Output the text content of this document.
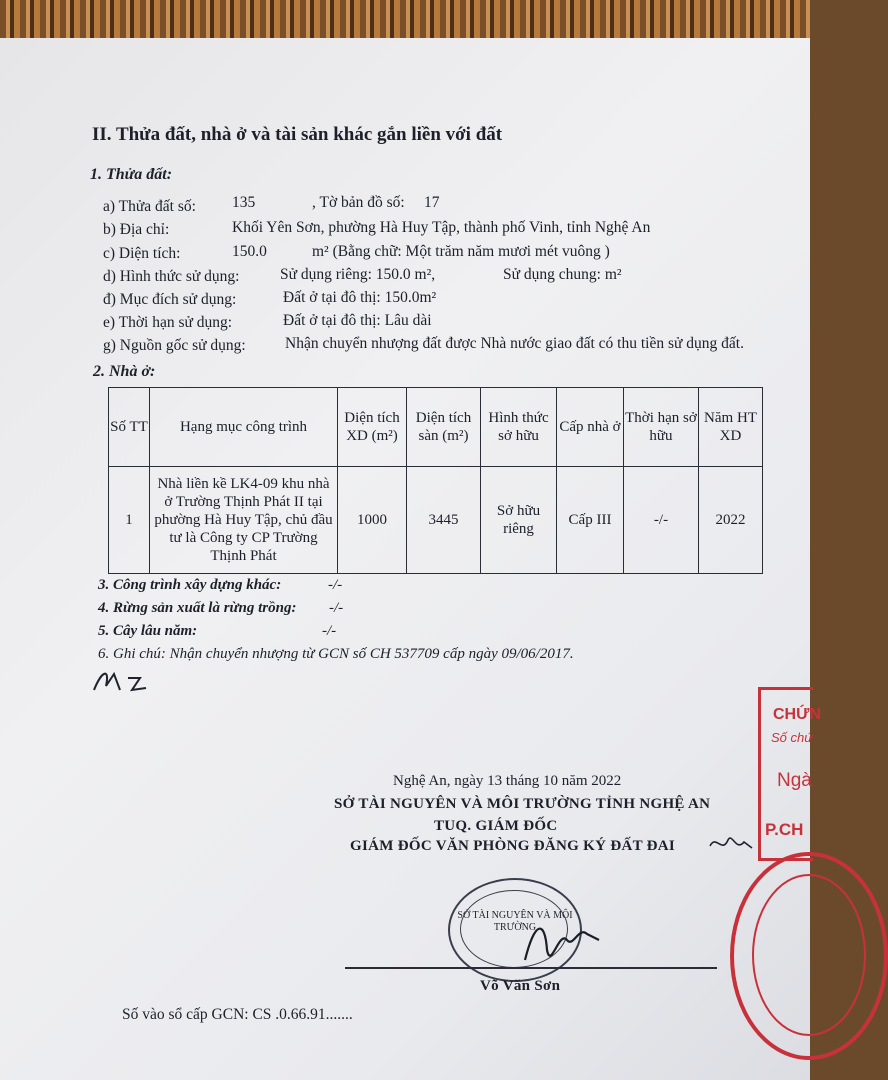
II. Thửa đất, nhà ở và tài sản khác gắn liền với đất
1. Thửa đất:
a) Thửa đất số: 135	, Tờ bản đồ số: 17
b) Địa chỉ:	Khối Yên Sơn, phường Hà Huy Tập, thành phố Vinh, tỉnh Nghệ An
c) Diện tích:	150.0	m² (Bằng chữ: Một trăm năm mươi mét vuông )
d) Hình thức sử dụng:	Sử dụng riêng: 150.0 m²,	Sử dụng chung: m²
đ) Mục đích sử dụng:	Đất ở tại đô thị: 150.0m²
e) Thời hạn sử dụng:	Đất ở tại đô thị: Lâu dài
g) Nguồn gốc sử dụng:	Nhận chuyển nhượng đất được Nhà nước giao đất có thu tiền sử dụng đất.
2. Nhà ở:
Số TT	Hạng mục công trình	Diện tích XD (m²)	Diện tích sàn (m²)	Hình thức sở hữu	Cấp nhà ở	Thời hạn sở hữu	Năm HT XD
1	Nhà liền kề LK4-09 khu nhà ở Trường Thịnh Phát II tại phường Hà Huy Tập, chủ đầu tư là Công ty CP Trường Thịnh Phát	1000	3445	Sở hữu riêng	Cấp III	-/-	2022
3. Công trình xây dựng khác:	-/-
4. Rừng sản xuất là rừng trồng: -/-
5. Cây lâu năm:	-/-
6. Ghi chú: Nhận chuyển nhượng từ GCN số CH 537709 cấp ngày 09/06/2017.
Nghệ An, ngày 13 tháng 10 năm 2022
SỞ TÀI NGUYÊN VÀ MÔI TRƯỜNG TỈNH NGHỆ AN
TUQ. GIÁM ĐỐC
GIÁM ĐỐC VĂN PHÒNG ĐĂNG KÝ ĐẤT ĐAI
SỞ TÀI NGUYÊN VÀ MÔI TRƯỜNG
Võ Văn Sơn
Số vào sổ cấp GCN: CS .0.66.91.......
CHỨN
Số chứ
Ngà
P.CH
